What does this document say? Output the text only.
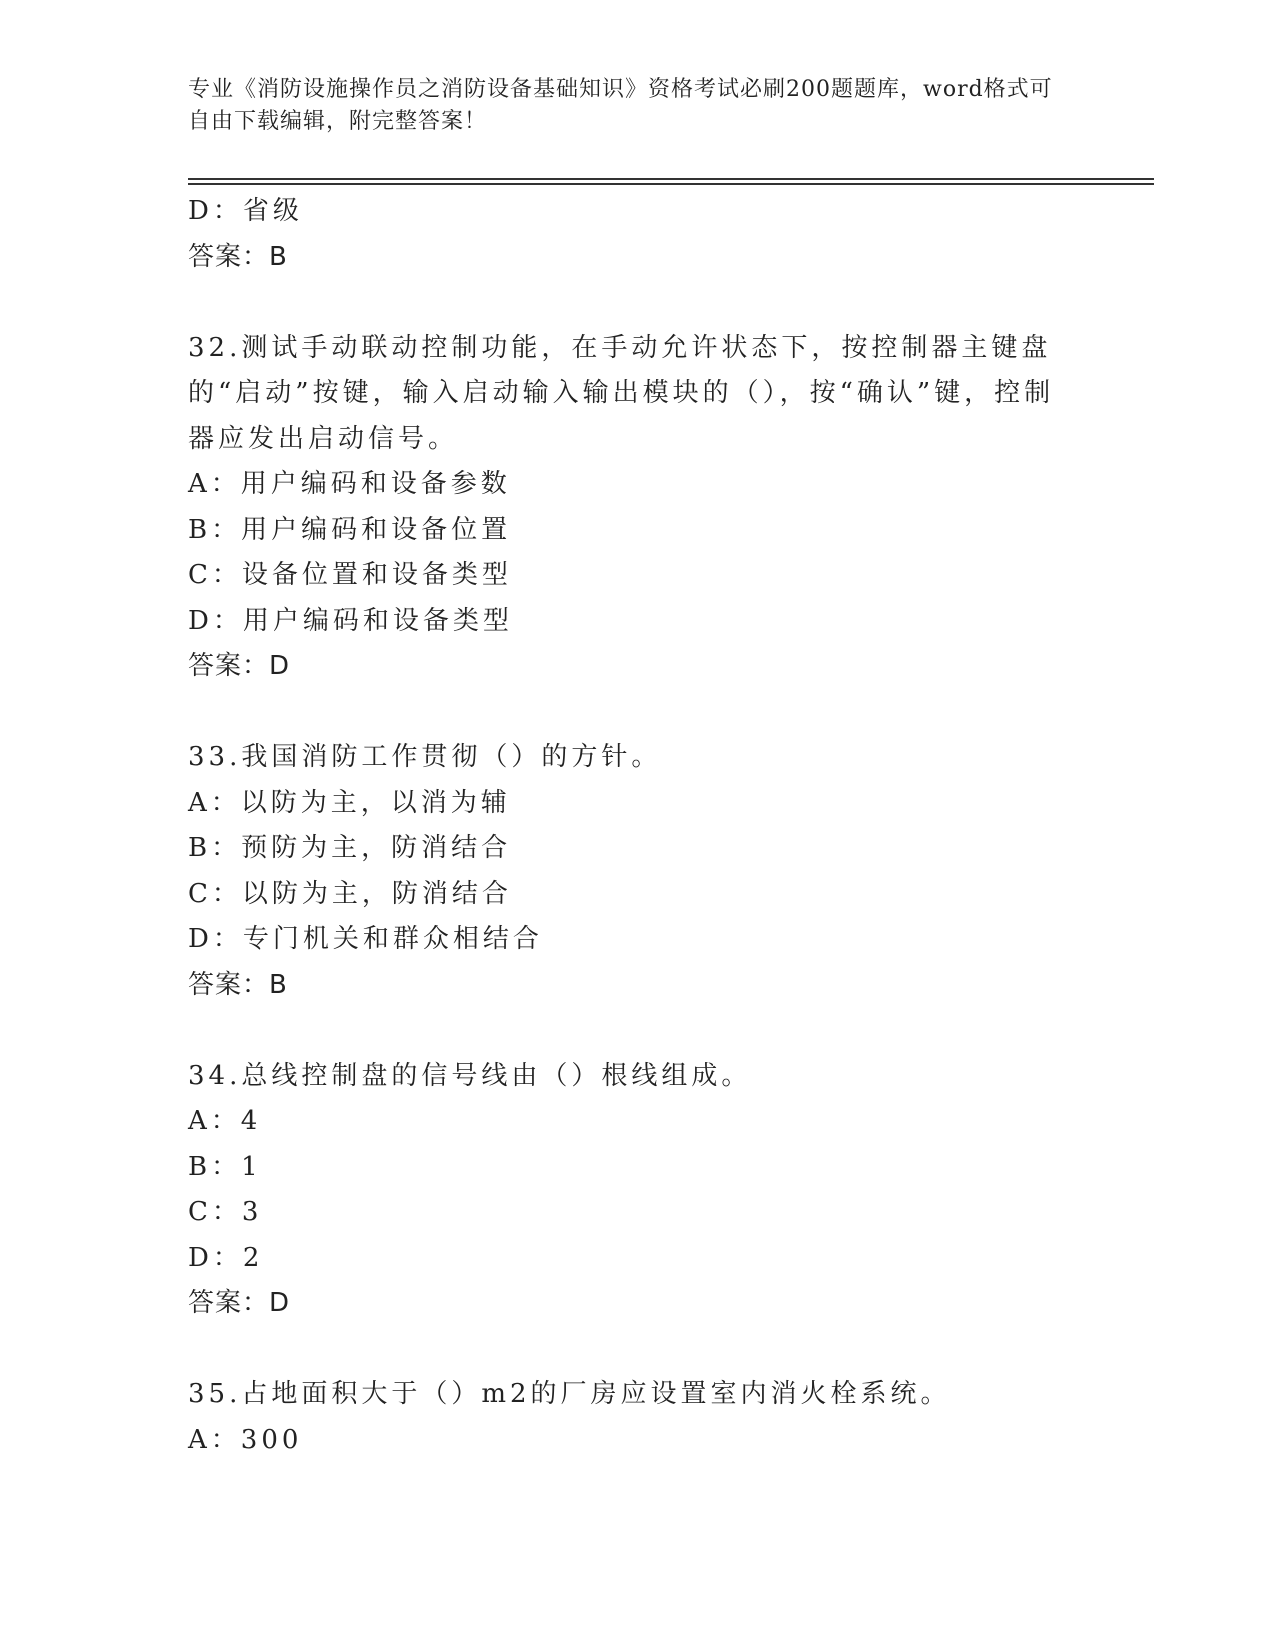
专业《消防设施操作员之消防设备基础知识》资格考试必刷200题题库，word格式可自由下载编辑，附完整答案！
D：省级
答案：B
32.测试手动联动控制功能，在手动允许状态下，按控制器主键盘的“启动”按键，输入启动输入输出模块的（），按“确认”键，控制器应发出启动信号。
A：用户编码和设备参数
B：用户编码和设备位置
C：设备位置和设备类型
D：用户编码和设备类型
答案：D
33.我国消防工作贯彻（）的方针。
A：以防为主，以消为辅
B：预防为主，防消结合
C：以防为主，防消结合
D：专门机关和群众相结合
答案：B
34.总线控制盘的信号线由（）根线组成。
A：4
B：1
C：3
D：2
答案：D
35.占地面积大于（）m2的厂房应设置室内消火栓系统。
A：300
